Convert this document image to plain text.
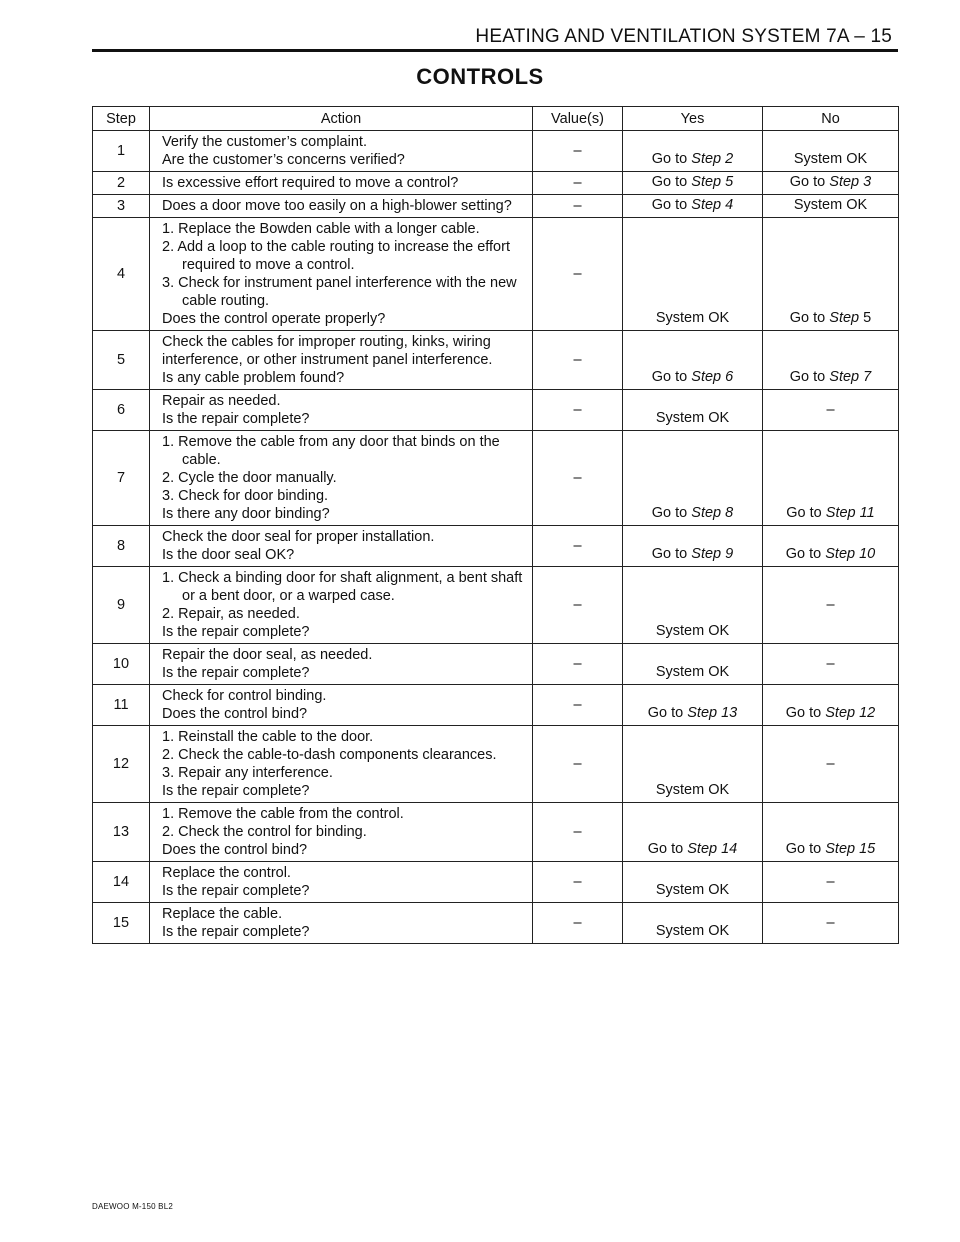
HEATING AND VENTILATION SYSTEM 7A – 15
CONTROLS
Step	Action	Value(s)	Yes	No
1	Verify the customer’s complaint.
Are the customer’s concerns verified?	–	Go to Step 2	System OK
2	Is excessive effort required to move a control?	–	Go to Step 5	Go to Step 3
3	Does a door move too easily on a high-blower setting?	–	Go to Step 4	System OK
4	1. Replace the Bowden cable with a longer cable.
2. Add a loop to the cable routing to increase the effort required to move a control.
3. Check for instrument panel interference with the new cable routing.
Does the control operate properly?	–	System OK	Go to Step 5
5	Check the cables for improper routing, kinks, wiring interference, or other instrument panel interference.
Is any cable problem found?	–	Go to Step 6	Go to Step 7
6	Repair as needed.
Is the repair complete?	–	System OK	–
7	1. Remove the cable from any door that binds on the cable.
2. Cycle the door manually.
3. Check for door binding.
Is there any door binding?	–	Go to Step 8	Go to Step 11
8	Check the door seal for proper installation.
Is the door seal OK?	–	Go to Step 9	Go to Step 10
9	1. Check a binding door for shaft alignment, a bent shaft or a bent door, or a warped case.
2. Repair, as needed.
Is the repair complete?	–	System OK	–
10	Repair the door seal, as needed.
Is the repair complete?	–	System OK	–
11	Check for control binding.
Does the control bind?	–	Go to Step 13	Go to Step 12
12	1. Reinstall the cable to the door.
2. Check the cable-to-dash components clearances.
3. Repair any interference.
Is the repair complete?	–	System OK	–
13	1. Remove the cable from the control.
2. Check the control for binding.
Does the control bind?	–	Go to Step 14	Go to Step 15
14	Replace the control.
Is the repair complete?	–	System OK	–
15	Replace the cable.
Is the repair complete?	–	System OK	–
DAEWOO M-150 BL2
